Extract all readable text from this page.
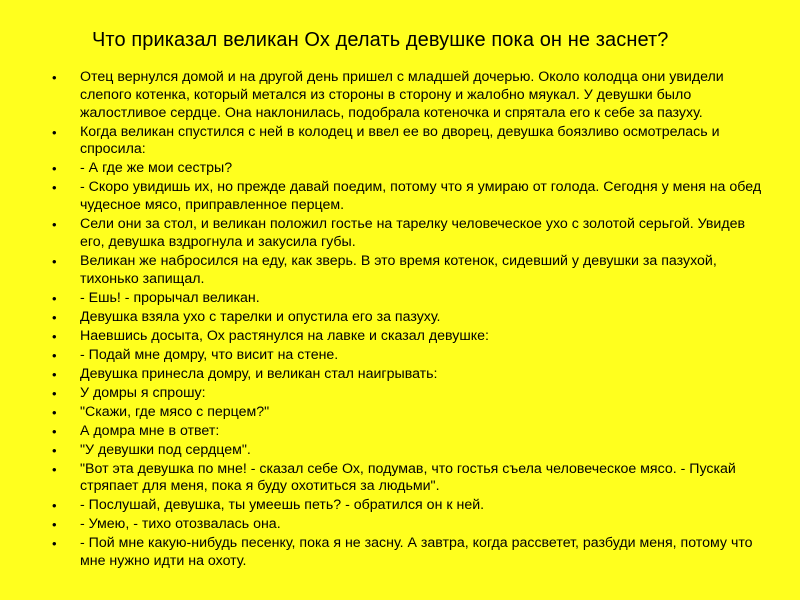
Что приказал великан Ох делать девушке пока он не заснет?
•	Отец вернулся домой и на другой день пришел с младшей дочерью. Около колодца они увидели слепого котенка, который метался из стороны в сторону и жалобно мяукал. У девушки было жалостливое сердце. Она наклонилась, подобрала котеночка и спрятала его к себе за пазуху.
•	Когда великан спустился с ней в колодец и ввел ее во дворец, девушка боязливо осмотрелась и спросила:
•	- А где же мои сестры?
•	- Скоро увидишь их, но прежде давай поедим, потому что я умираю от голода. Сегодня у меня на обед чудесное мясо, приправленное перцем.
•	Сели они за стол, и великан положил гостье на тарелку человеческое ухо с золотой серьгой. Увидев его, девушка вздрогнула и закусила губы.
•	Великан же набросился на еду, как зверь. В это время котенок, сидевший у девушки за пазухой, тихонько запищал.
•	- Ешь! - прорычал великан.
•	Девушка взяла ухо с тарелки и опустила его за пазуху.
•	Наевшись досыта, Ох растянулся на лавке и сказал девушке:
•	- Подай мне домру, что висит на стене.
•	Девушка принесла домру, и великан стал наигрывать:
•	У домры я спрошу:
•	"Скажи, где мясо с перцем?"
•	А домра мне в ответ:
•	"У девушки под сердцем".
•	"Вот эта девушка по мне! - сказал себе Ох, подумав, что гостья съела человеческое мясо. - Пускай стряпает для меня, пока я буду охотиться за людьми".
•	- Послушай, девушка, ты умеешь петь? - обратился он к ней.
•	- Умею, - тихо отозвалась она.
•	- Пой мне какую-нибудь песенку, пока я не засну. А завтра, когда рассветет, разбуди меня, потому что мне нужно идти на охоту.
